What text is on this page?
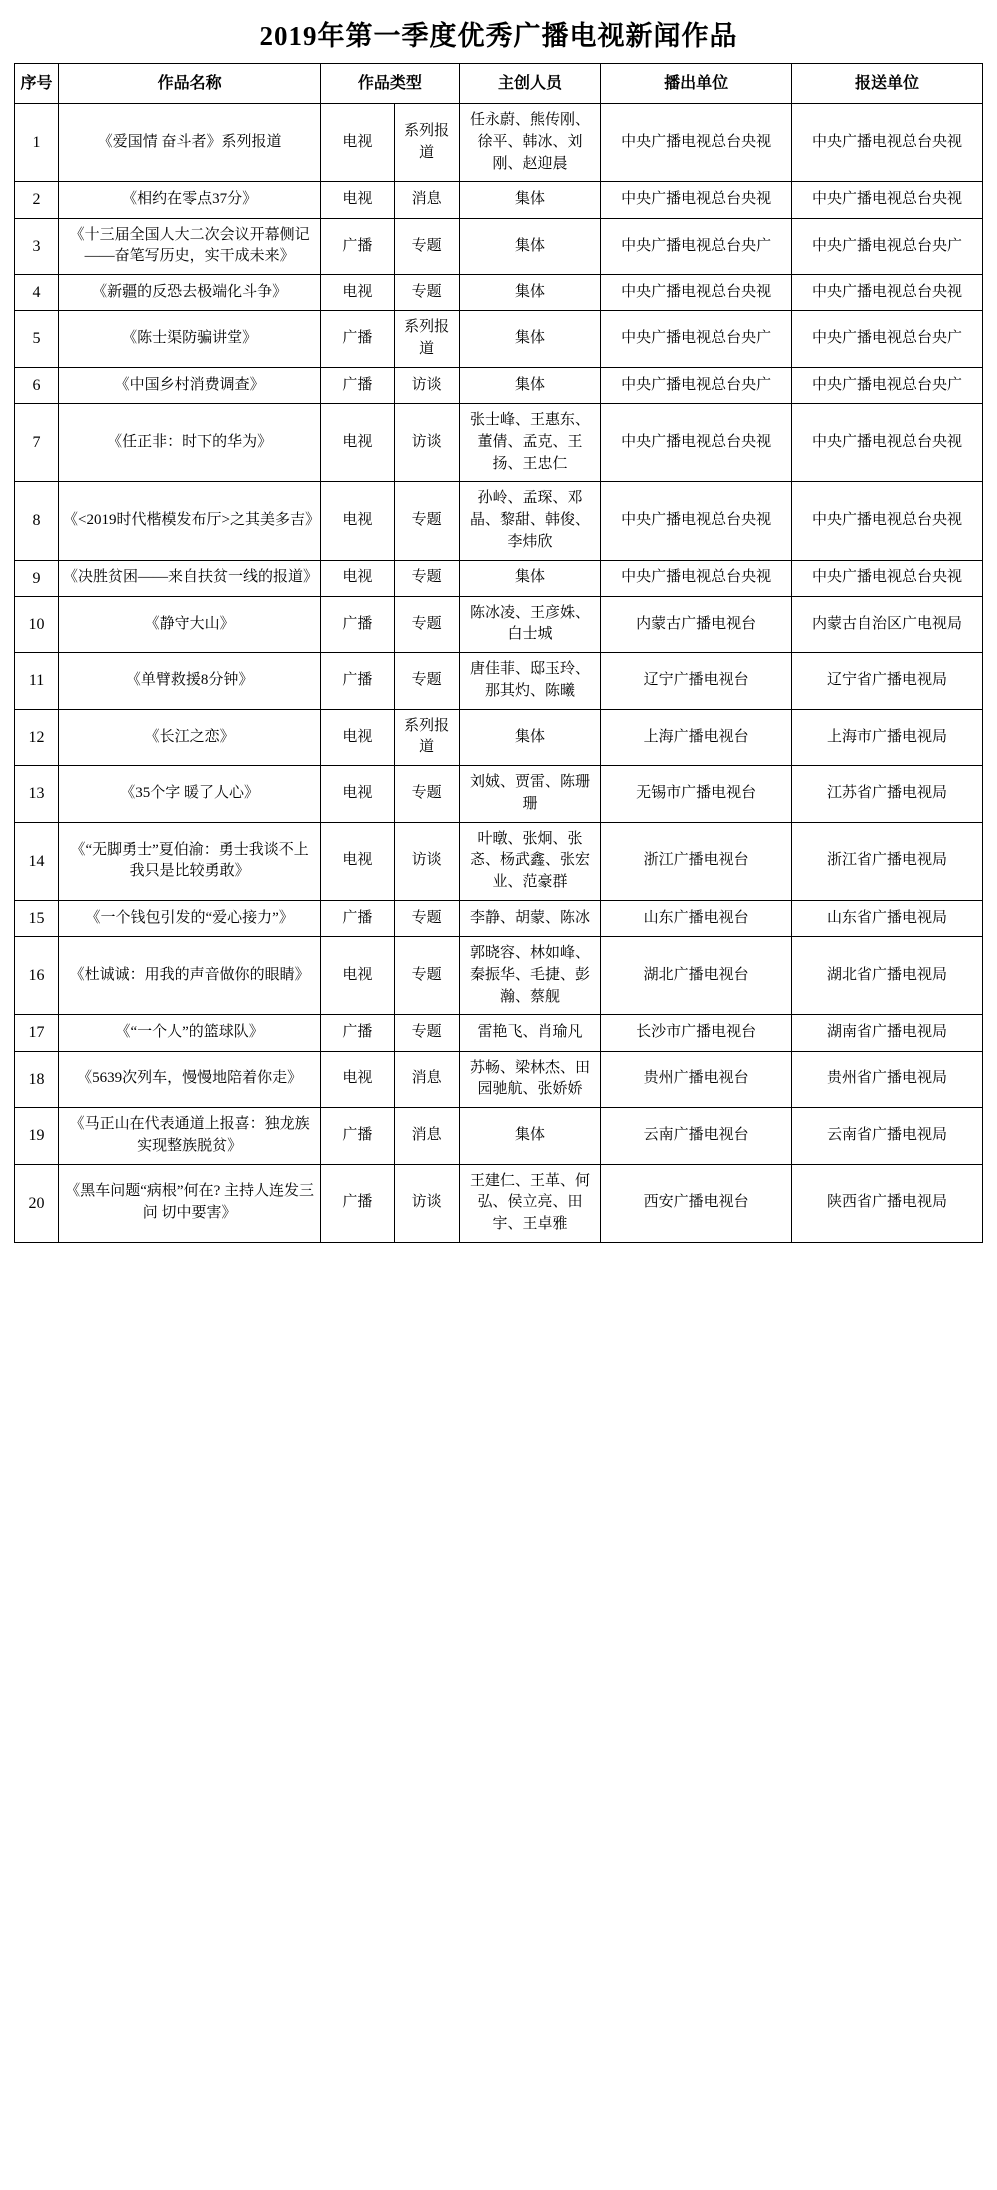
2019年第一季度优秀广播电视新闻作品
序号	作品名称	作品类型		主创人员	播出单位	报送单位
1	《爱国情 奋斗者》系列报道	电视	系列报道	任永蔚、熊传刚、徐平、韩冰、刘刚、赵迎晨	中央广播电视总台央视	中央广播电视总台央视
2	《相约在零点37分》	电视	消息	集体	中央广播电视总台央视	中央广播电视总台央视
3	《十三届全国人大二次会议开幕侧记——奋笔写历史，实干成未来》	广播	专题	集体	中央广播电视总台央广	中央广播电视总台央广
4	《新疆的反恐去极端化斗争》	电视	专题	集体	中央广播电视总台央视	中央广播电视总台央视
5	《陈士渠防骗讲堂》	广播	系列报道	集体	中央广播电视总台央广	中央广播电视总台央广
6	《中国乡村消费调查》	广播	访谈	集体	中央广播电视总台央广	中央广播电视总台央广
7	《任正非：时下的华为》	电视	访谈	张士峰、王惠东、董倩、孟克、王扬、王忠仁	中央广播电视总台央视	中央广播电视总台央视
8	《<2019时代楷模发布厅>之其美多吉》	电视	专题	孙岭、孟琛、邓晶、黎甜、韩俊、李炜欣	中央广播电视总台央视	中央广播电视总台央视
9	《决胜贫困——来自扶贫一线的报道》	电视	专题	集体	中央广播电视总台央视	中央广播电视总台央视
10	《静守大山》	广播	专题	陈冰凌、王彦姝、白士城	内蒙古广播电视台	内蒙古自治区广电视局
11	《单臂救援8分钟》	广播	专题	唐佳菲、邸玉玲、那其灼、陈曦	辽宁广播电视台	辽宁省广播电视局
12	《长江之恋》	电视	系列报道	集体	上海广播电视台	上海市广播电视局
13	《35个字 暖了人心》	电视	专题	刘娀、贾雷、陈珊珊	无锡市广播电视台	江苏省广播电视局
14	《“无脚勇士”夏伯渝：勇士我谈不上 我只是比较勇敢》	电视	访谈	叶暾、张炯、张忞、杨武鑫、张宏业、范豪群	浙江广播电视台	浙江省广播电视局
15	《一个钱包引发的“爱心接力”》	广播	专题	李静、胡蒙、陈冰	山东广播电视台	山东省广播电视局
16	《杜诚诚：用我的声音做你的眼睛》	电视	专题	郭晓容、林如峰、秦振华、毛捷、彭瀚、蔡舰	湖北广播电视台	湖北省广播电视局
17	《“一个人”的篮球队》	广播	专题	雷艳飞、肖瑜凡	长沙市广播电视台	湖南省广播电视局
18	《5639次列车，慢慢地陪着你走》	电视	消息	苏畅、梁林杰、田园驰航、张娇娇	贵州广播电视台	贵州省广播电视局
19	《马正山在代表通道上报喜：独龙族实现整族脱贫》	广播	消息	集体	云南广播电视台	云南省广播电视局
20	《黑车问题“病根”何在? 主持人连发三问 切中要害》	广播	访谈	王建仁、王革、何弘、侯立亮、田宇、王卓雅	西安广播电视台	陕西省广播电视局
